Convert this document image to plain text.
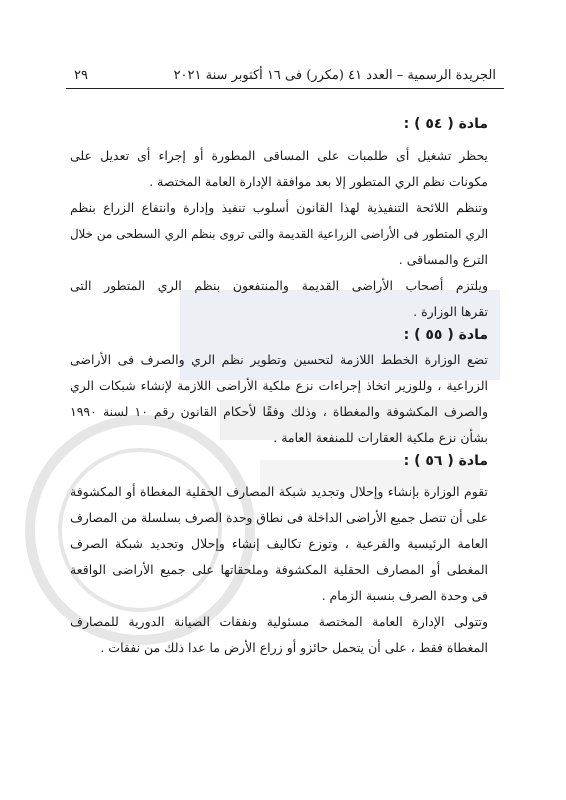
الجريدة الرسمية – العدد ٤١ (مكرر) فى ١٦ أكتوبر سنة ٢٠٢١
٢٩

مادة ( ٥٤ ) :

يحظر تشغيل أى طلمبات على المساقى المطورة أو إجراء أى تعديل على
مكونات نظم الري المتطور إلا بعد موافقة الإدارة العامة المختصة .

وتنظم اللائحة التنفيذية لهذا القانون أسلوب تنفيذ وإدارة وانتفاع الزراع بنظم
الري المتطور فى الأراضى الزراعية القديمة والتى تروى بنظم الري السطحى من خلال
الترع والمساقى .

ويلتزم أصحاب الأراضى القديمة والمنتفعون بنظم الري المتطور التى
تقرها الوزارة .

مادة ( ٥٥ ) :

تضع الوزارة الخطط اللازمة لتحسين وتطوير نظم الري والصرف فى الأراضى
الزراعية ، وللوزير اتخاذ إجراءات نزع ملكية الأراضى اللازمة لإنشاء شبكات الري
والصرف المكشوفة والمغطاة ، وذلك وفقًا لأحكام القانون رقم ١٠ لسنة ١٩٩٠
بشأن نزع ملكية العقارات للمنفعة العامة .

مادة ( ٥٦ ) :

تقوم الوزارة بإنشاء وإحلال وتجديد شبكة المصارف الحقلية المغطاة أو المكشوفة
على أن تتصل جميع الأراضى الداخلة فى نطاق وحدة الصرف بسلسلة من المصارف
العامة الرئيسية والفرعية ، وتوزع تكاليف إنشاء وإحلال وتجديد شبكة الصرف
المغطى أو المصارف الحقلية المكشوفة وملحقاتها على جميع الأراضى الواقعة
فى وحدة الصرف بنسبة الزمام .

وتتولى الإدارة العامة المختصة مسئولية ونفقات الصيانة الدورية للمصارف
المغطاة فقط ، على أن يتحمل حائزو أو زراع الأرض ما عدا ذلك من نفقات .
